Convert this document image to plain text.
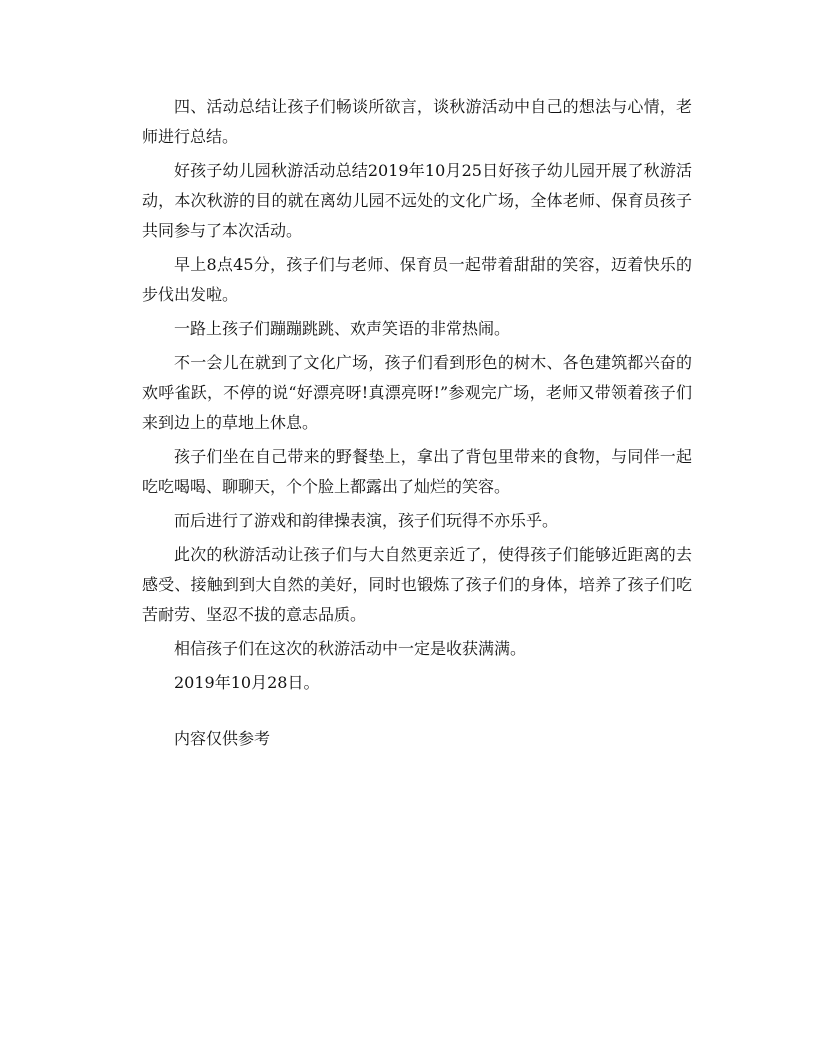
四、活动总结让孩子们畅谈所欲言，谈秋游活动中自己的想法与心情，老师进行总结。

好孩子幼儿园秋游活动总结2019年10月25日好孩子幼儿园开展了秋游活动，本次秋游的目的就在离幼儿园不远处的文化广场，全体老师、保育员孩子共同参与了本次活动。

早上8点45分，孩子们与老师、保育员一起带着甜甜的笑容，迈着快乐的步伐出发啦。

一路上孩子们蹦蹦跳跳、欢声笑语的非常热闹。

不一会儿在就到了文化广场，孩子们看到形色的树木、各色建筑都兴奋的欢呼雀跃，不停的说“好漂亮呀!真漂亮呀!”参观完广场，老师又带领着孩子们来到边上的草地上休息。

孩子们坐在自己带来的野餐垫上，拿出了背包里带来的食物，与同伴一起吃吃喝喝、聊聊天，个个脸上都露出了灿烂的笑容。

而后进行了游戏和韵律操表演，孩子们玩得不亦乐乎。

此次的秋游活动让孩子们与大自然更亲近了，使得孩子们能够近距离的去感受、接触到到大自然的美好，同时也锻炼了孩子们的身体，培养了孩子们吃苦耐劳、坚忍不拔的意志品质。

相信孩子们在这次的秋游活动中一定是收获满满。

2019年10月28日。

内容仅供参考
